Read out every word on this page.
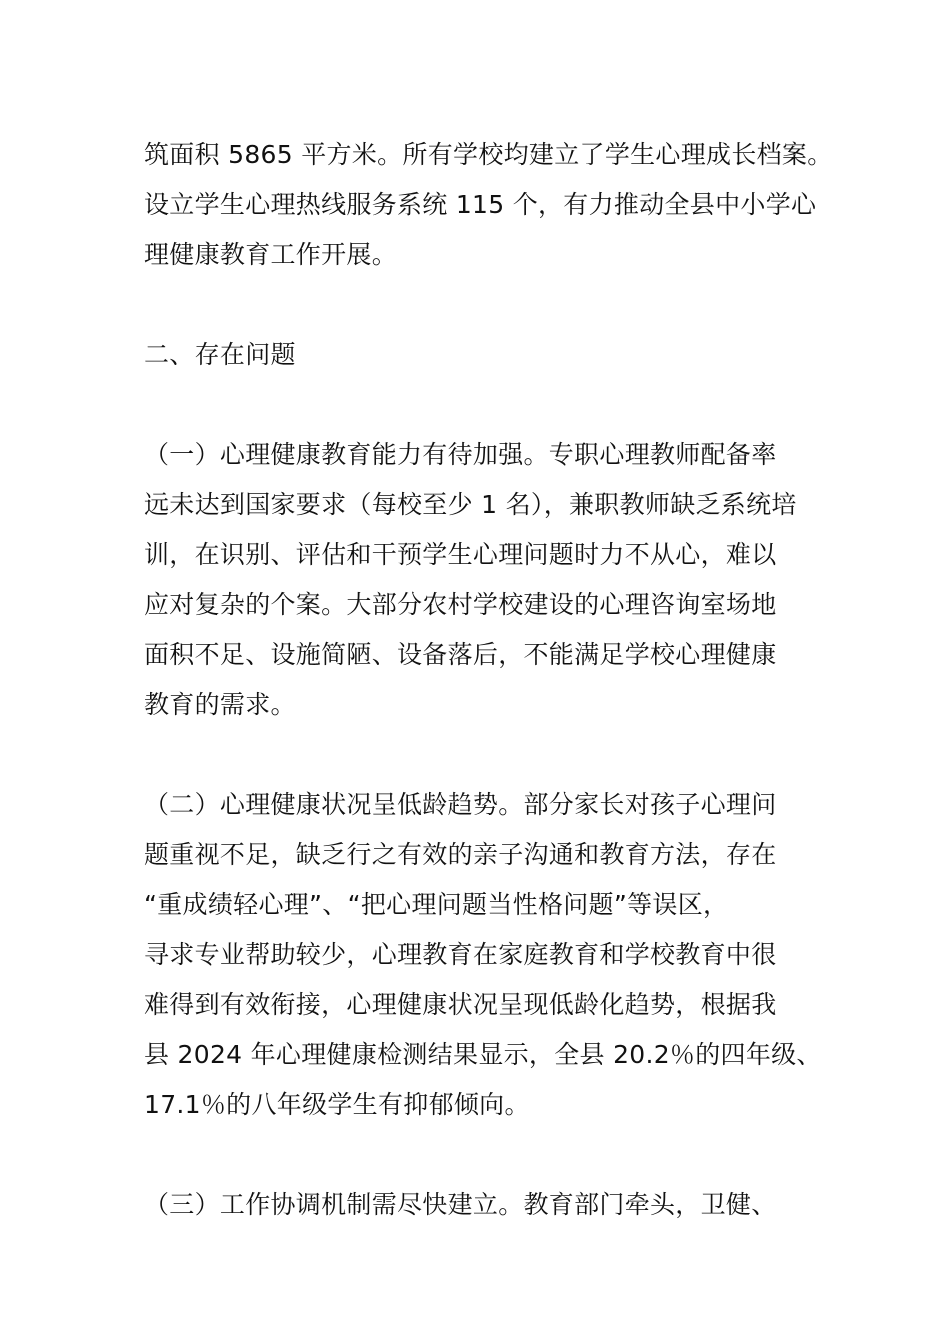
筑面积 5865 平方米。所有学校均建立了学生心理成长档案。
设立学生心理热线服务系统 115 个，有力推动全县中小学心
理健康教育工作开展。
二、存在问题
（一）心理健康教育能力有待加强。专职心理教师配备率
远未达到国家要求（每校至少 1 名），兼职教师缺乏系统培
训，在识别、评估和干预学生心理问题时力不从心，难以
应对复杂的个案。大部分农村学校建设的心理咨询室场地
面积不足、设施简陋、设备落后，不能满足学校心理健康
教育的需求。
（二）心理健康状况呈低龄趋势。部分家长对孩子心理问
题重视不足，缺乏行之有效的亲子沟通和教育方法，存在
“重成绩轻心理”、“把心理问题当性格问题”等误区，
寻求专业帮助较少，心理教育在家庭教育和学校教育中很
难得到有效衔接，心理健康状况呈现低龄化趋势，根据我
县 2024 年心理健康检测结果显示，全县 20.2％的四年级、
17.1％的八年级学生有抑郁倾向。
（三）工作协调机制需尽快建立。教育部门牵头，卫健、
